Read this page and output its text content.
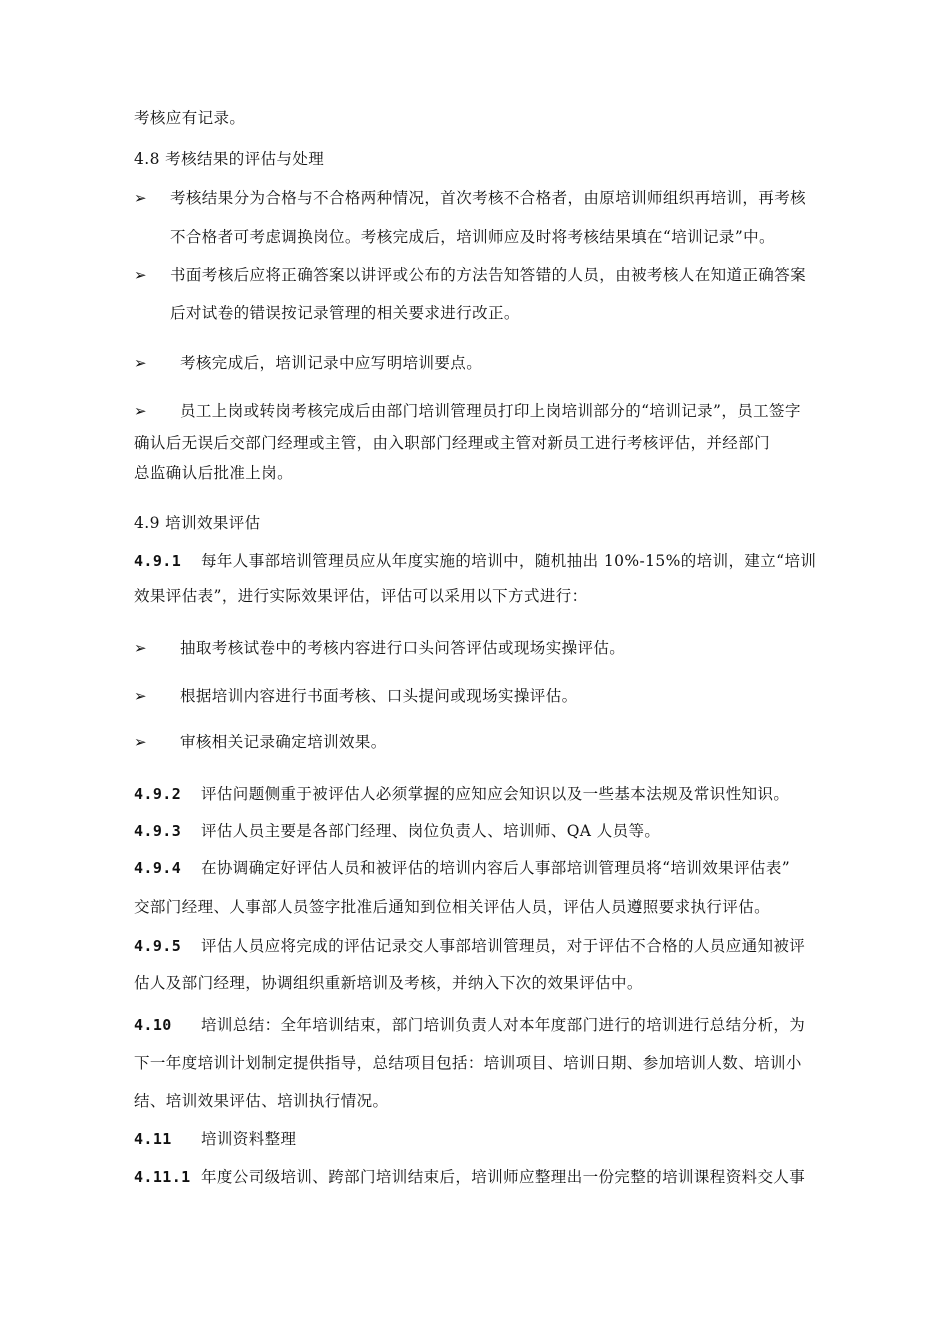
考核应有记录。
4.8 考核结果的评估与处理
➢ 考核结果分为合格与不合格两种情况，首次考核不合格者，由原培训师组织再培训，再考核
不合格者可考虑调换岗位。考核完成后，培训师应及时将考核结果填在“培训记录”中。
➢ 书面考核后应将正确答案以讲评或公布的方法告知答错的人员，由被考核人在知道正确答案
后对试卷的错误按记录管理的相关要求进行改正。
➢ 考核完成后，培训记录中应写明培训要点。
➢ 员工上岗或转岗考核完成后由部门培训管理员打印上岗培训部分的“培训记录”，员工签字
确认后无误后交部门经理或主管，由入职部门经理或主管对新员工进行考核评估，并经部门
总监确认后批准上岗。
4.9 培训效果评估
4.9.1 每年人事部培训管理员应从年度实施的培训中，随机抽出 10%-15%的培训，建立“培训
效果评估表”，进行实际效果评估，评估可以采用以下方式进行：
➢ 抽取考核试卷中的考核内容进行口头问答评估或现场实操评估。
➢ 根据培训内容进行书面考核、口头提问或现场实操评估。
➢ 审核相关记录确定培训效果。
4.9.2 评估问题侧重于被评估人必须掌握的应知应会知识以及一些基本法规及常识性知识。
4.9.3 评估人员主要是各部门经理、岗位负责人、培训师、QA 人员等。
4.9.4 在协调确定好评估人员和被评估的培训内容后人事部培训管理员将“培训效果评估表”
交部门经理、人事部人员签字批准后通知到位相关评估人员，评估人员遵照要求执行评估。
4.9.5 评估人员应将完成的评估记录交人事部培训管理员，对于评估不合格的人员应通知被评
估人及部门经理，协调组织重新培训及考核，并纳入下次的效果评估中。
4.10 培训总结：全年培训结束，部门培训负责人对本年度部门进行的培训进行总结分析，为
下一年度培训计划制定提供指导，总结项目包括：培训项目、培训日期、参加培训人数、培训小
结、培训效果评估、培训执行情况。
4.11 培训资料整理
4.11.1 年度公司级培训、跨部门培训结束后，培训师应整理出一份完整的培训课程资料交人事
